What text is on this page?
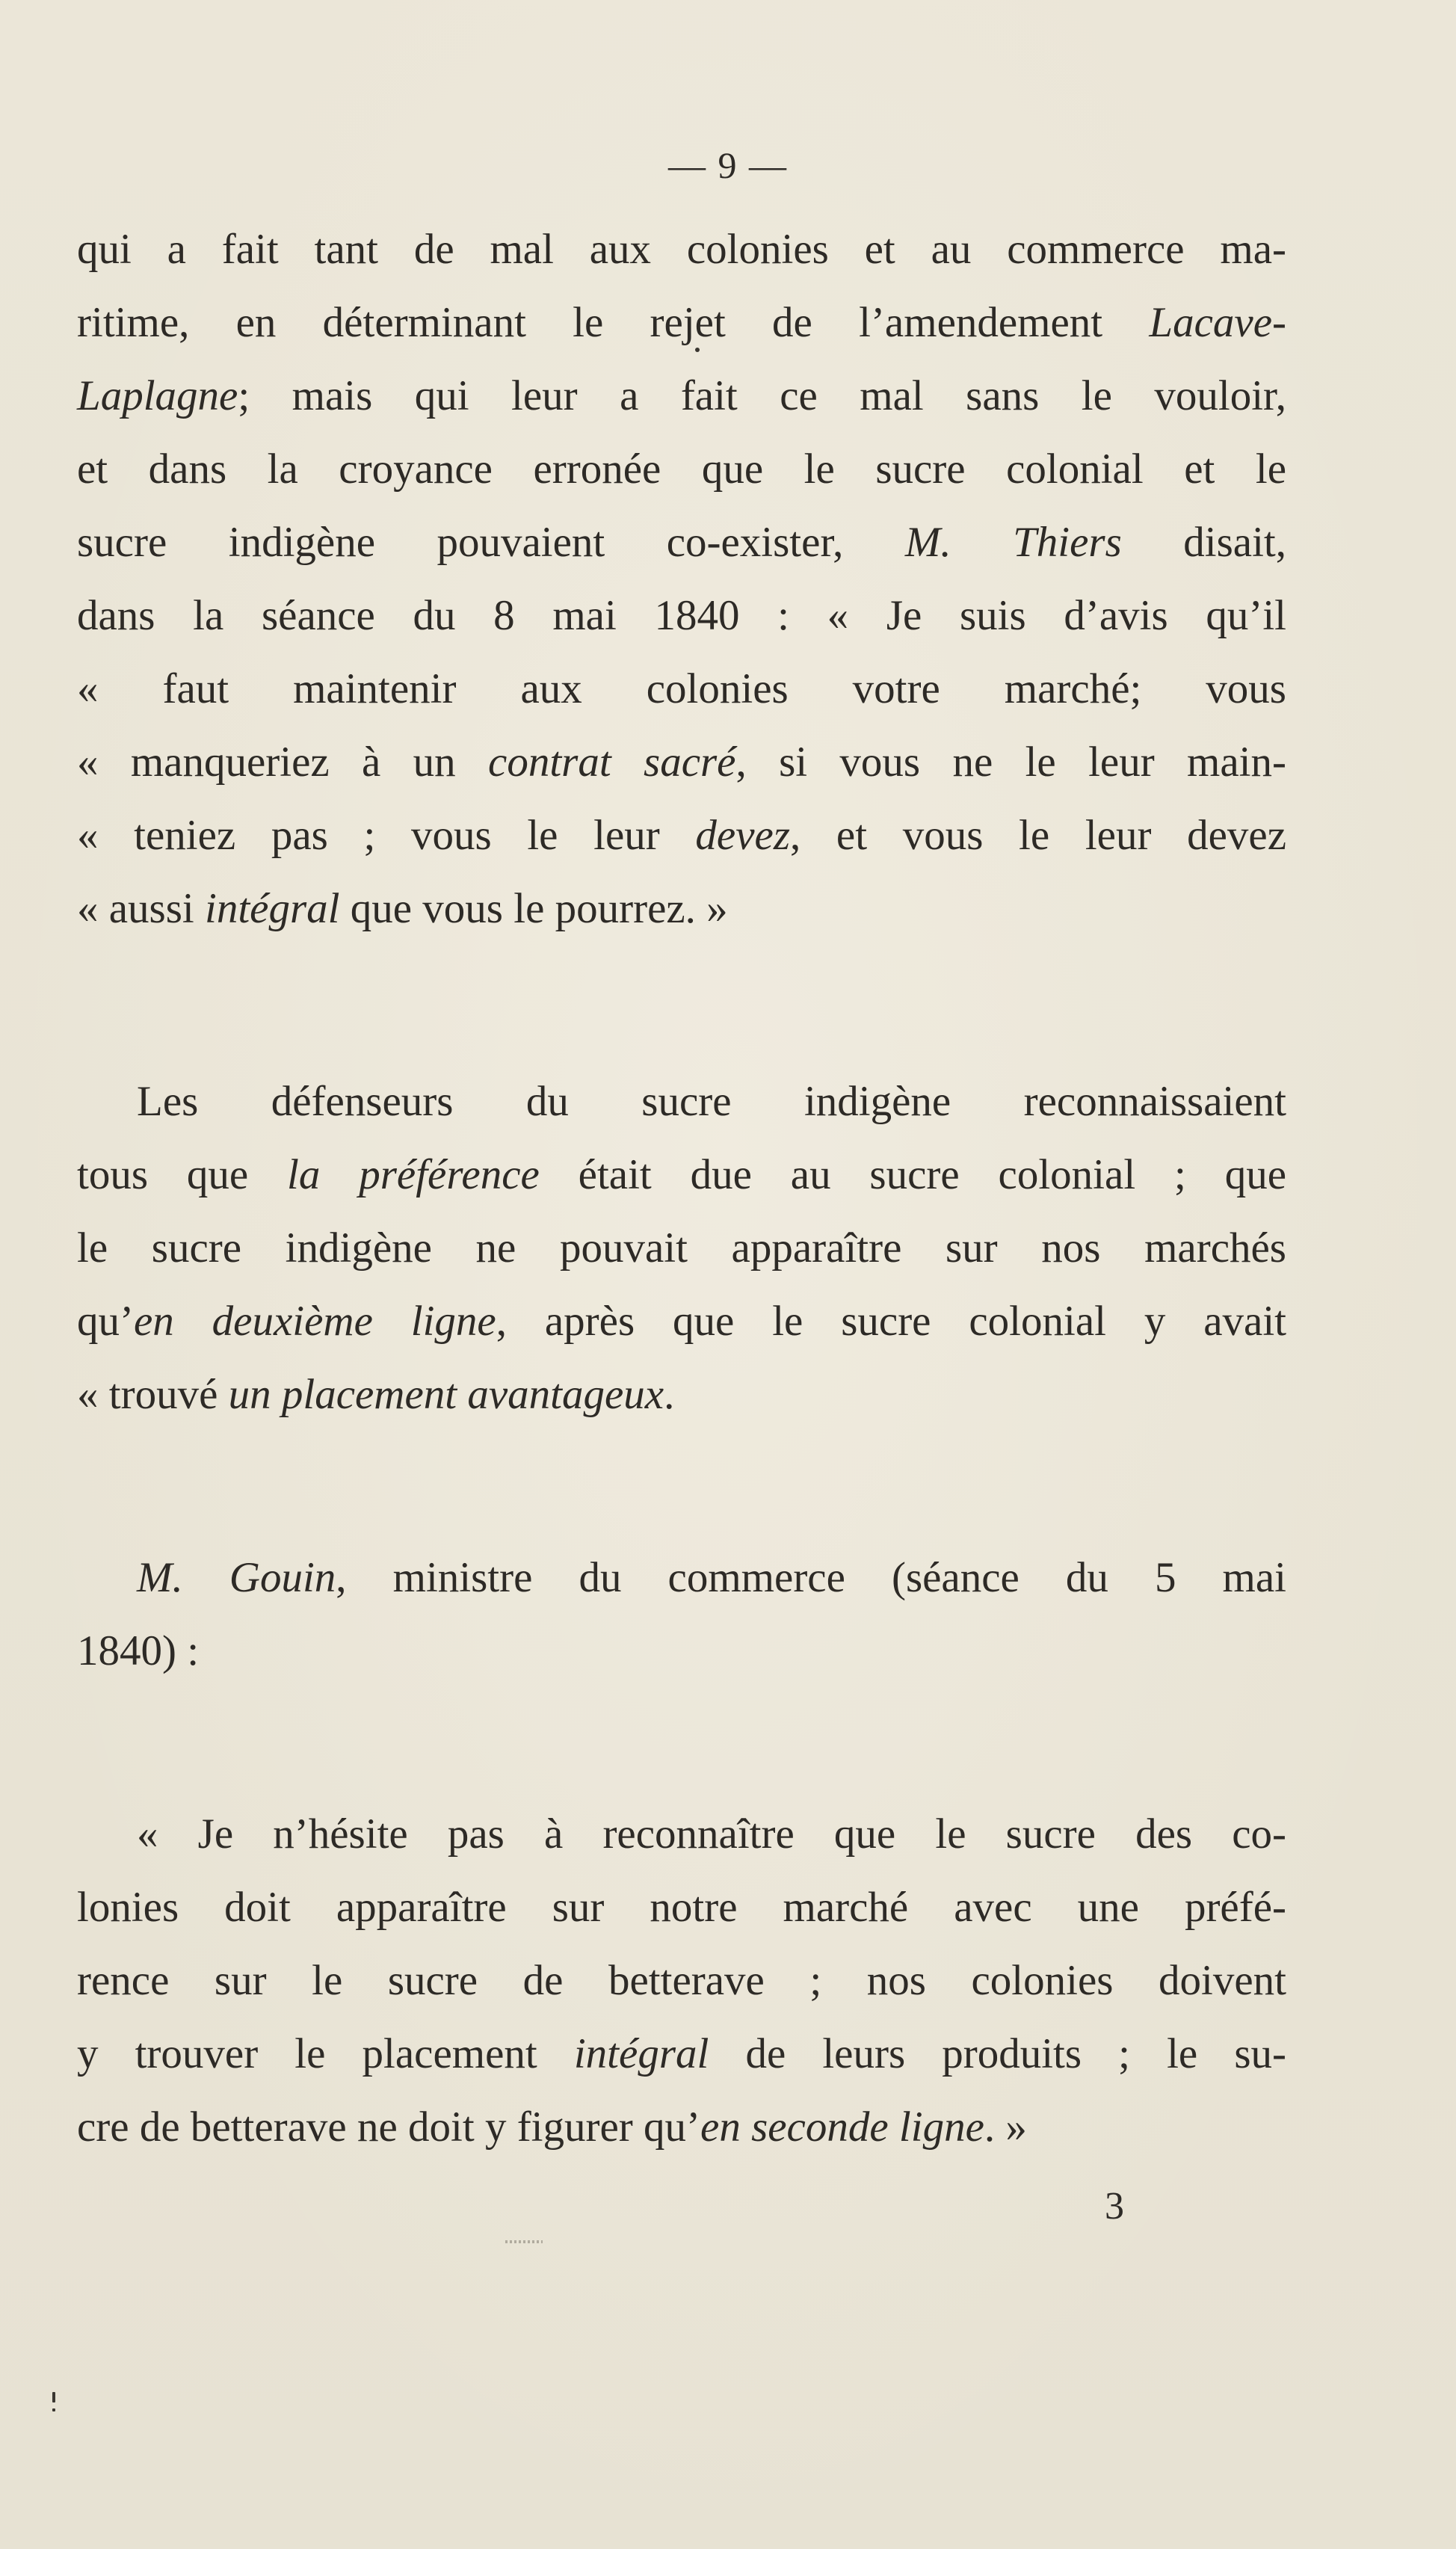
— 9 —
qui a fait tant de mal aux colonies et au commerce ma-
ritime, en déterminant le rejet de l’amendement Lacave-
Laplagne; mais qui leur a fait ce mal sans le vouloir,
et dans la croyance erronée que le sucre colonial et le
sucre indigène pouvaient co-exister, M. Thiers disait,
dans la séance du 8 mai 1840 : « Je suis d’avis qu’il
« faut maintenir aux colonies votre marché; vous
« manqueriez à un contrat sacré, si vous ne le leur main-
« teniez pas ; vous le leur devez, et vous le leur devez
« aussi intégral que vous le pourrez. »
Les défenseurs du sucre indigène reconnaissaient
tous que la préférence était due au sucre colonial ; que
le sucre indigène ne pouvait apparaître sur nos marchés
qu’en deuxième ligne, après que le sucre colonial y avait
« trouvé un placement avantageux.
M. Gouin, ministre du commerce (séance du 5 mai
1840) :
« Je n’hésite pas à reconnaître que le sucre des co-
lonies doit apparaître sur notre marché avec une préfé-
rence sur le sucre de betterave ; nos colonies doivent
y trouver le placement intégral de leurs produits ; le su-
cre de betterave ne doit y figurer qu’en seconde ligne. »
3
